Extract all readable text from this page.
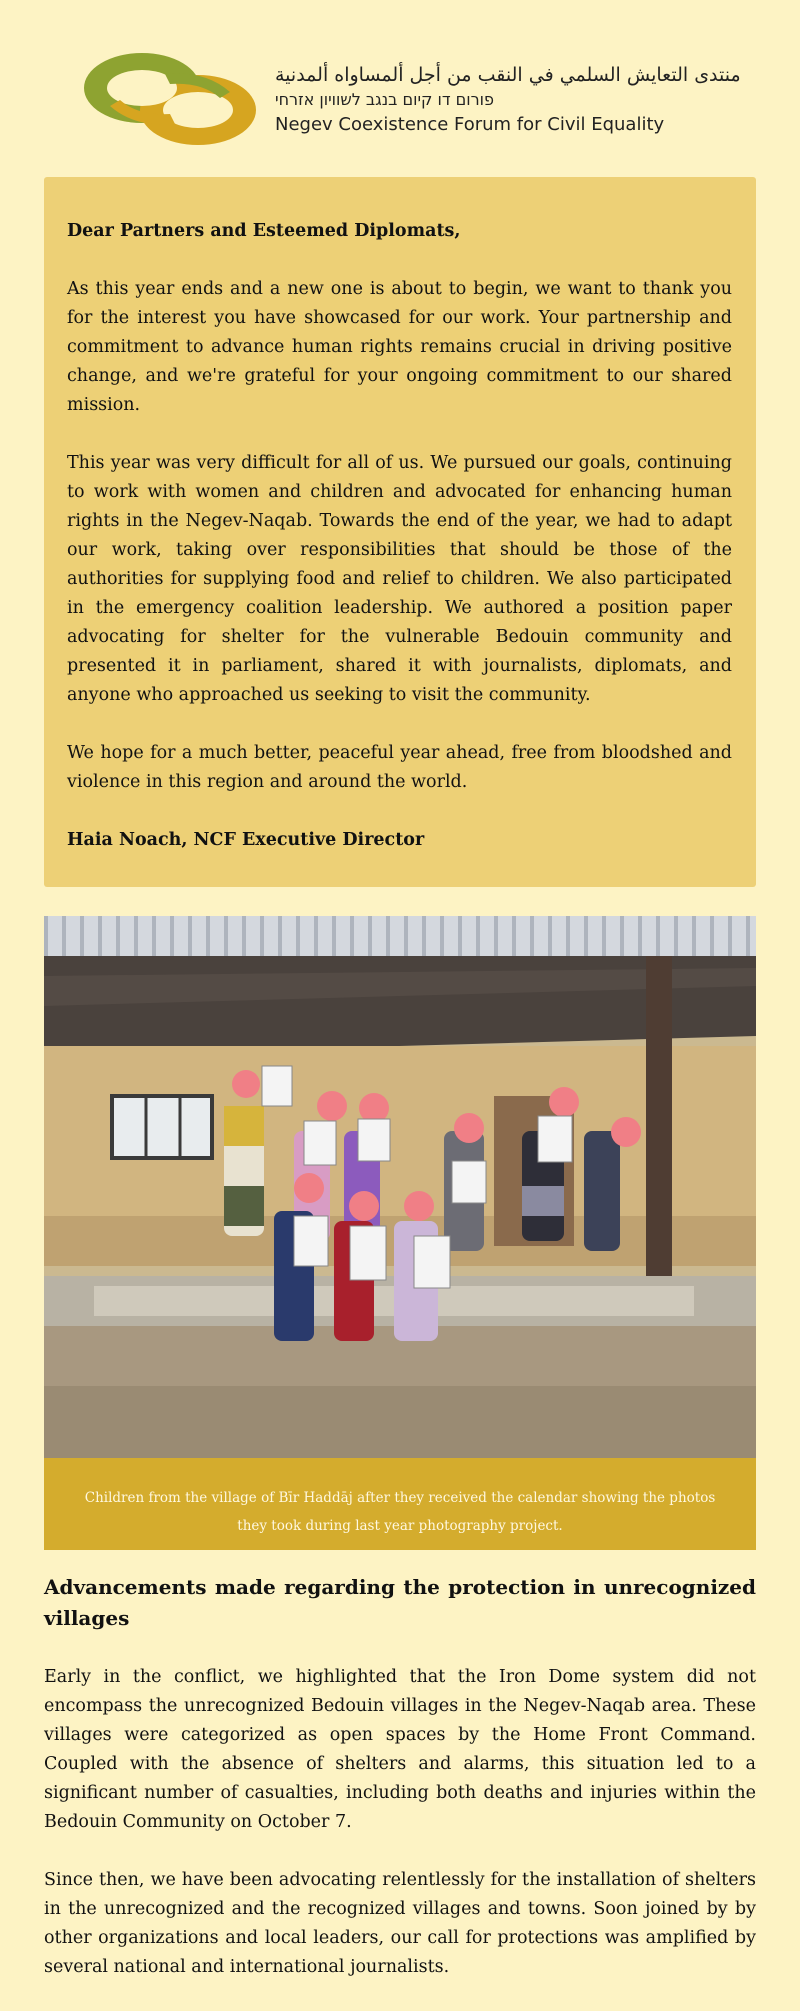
منتدى التعايش السلمي في النقب من أجل ألمساواه ألمدنية
פורום דו קיום בנגב לשוויון אזרחי
Negev Coexistence Forum for Civil Equality

Dear Partners and Esteemed Diplomats,

As this year ends and a new one is about to begin, we want to thank you for the interest you have showcased for our work. Your partnership and commitment to advance human rights remains crucial in driving positive change, and we're grateful for your ongoing commitment to our shared mission.

This year was very difficult for all of us. We pursued our goals, continuing to work with women and children and advocated for enhancing human rights in the Negev-Naqab. Towards the end of the year, we had to adapt our work, taking over responsibilities that should be those of the authorities for supplying food and relief to children. We also participated in the emergency coalition leadership. We authored a position paper advocating for shelter for the vulnerable Bedouin community and presented it in parliament, shared it with journalists, diplomats, and anyone who approached us seeking to visit the community.

We hope for a much better, peaceful year ahead, free from bloodshed and violence in this region and around the world.

Haia Noach, NCF Executive Director

Children from the village of Bīr Haddāj after they received the calendar showing the photos they took during last year photography project.

Advancements made regarding the protection in unrecognized villages

Early in the conflict, we highlighted that the Iron Dome system did not encompass the unrecognized Bedouin villages in the Negev-Naqab area. These villages were categorized as open spaces by the Home Front Command. Coupled with the absence of shelters and alarms, this situation led to a significant number of casualties, including both deaths and injuries within the Bedouin Community on October 7.

Since then, we have been advocating relentlessly for the installation of shelters in the unrecognized and the recognized villages and towns. Soon joined by by other organizations and local leaders, our call for protections was amplified by several national and international journalists.
